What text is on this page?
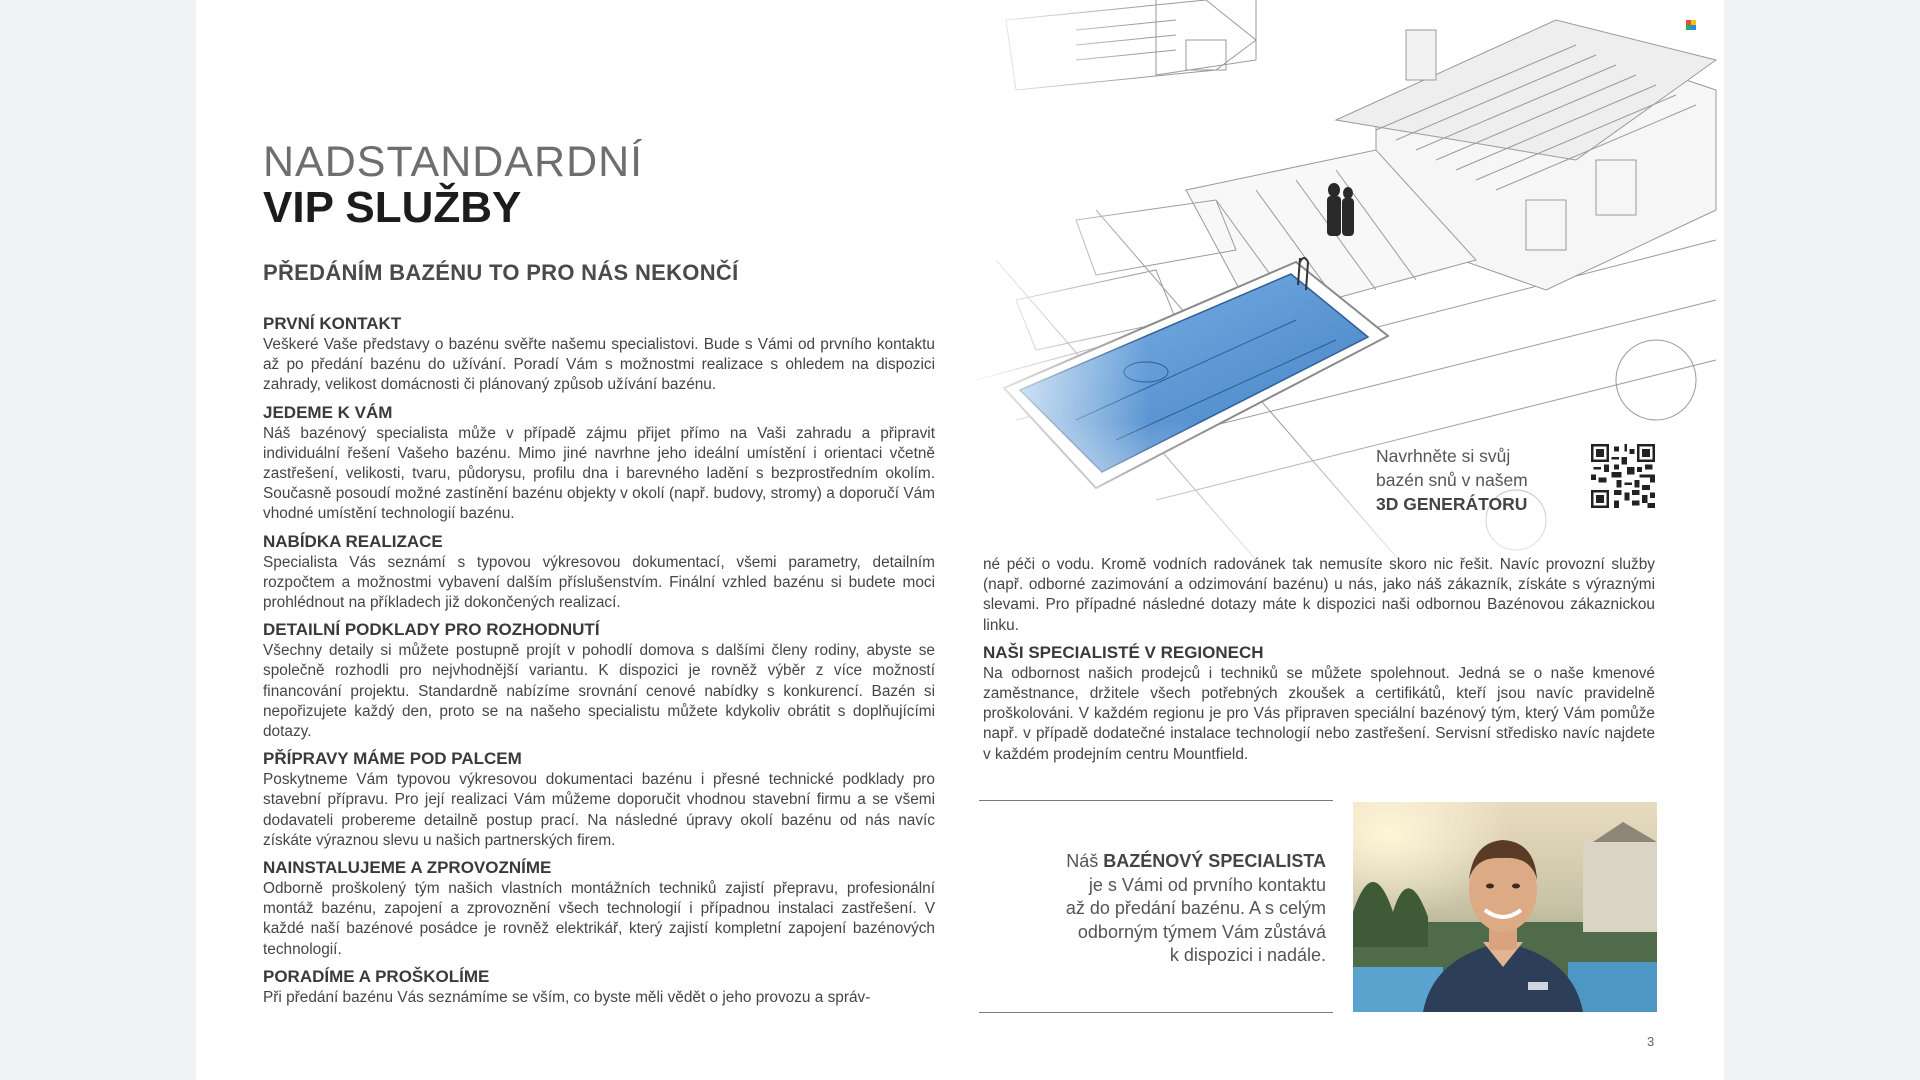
NADSTANDARDNÍ
VIP SLUŽBY
PŘEDÁNÍM BAZÉNU TO PRO NÁS NEKONČÍ
PRVNÍ KONTAKT

Veškeré Vaše představy o bazénu svěřte našemu specialistovi. Bude s Vámi od prvního kontaktu až po předání bazénu do užívání. Poradí Vám s možnostmi realizace s ohledem na dispozici zahrady, velikost domácnosti či plánovaný způsob užívání bazénu.

JEDEME K VÁM

Náš bazénový specialista může v případě zájmu přijet přímo na Vaši zahradu a připravit individuální řešení Vašeho bazénu. Mimo jiné navrhne jeho ideální umístění i orientaci včetně zastřešení, velikosti, tvaru, půdorysu, profilu dna i barevného ladění s bezprostředním okolím. Současně posoudí možné zastínění bazénu objekty v okolí (např. budovy, stromy) a doporučí Vám vhodné umístění technologií bazénu.

NABÍDKA REALIZACE

Specialista Vás seznámí s typovou výkresovou dokumentací, všemi parametry, detailním rozpočtem a možnostmi vybavení dalším příslušenstvím. Finální vzhled bazénu si budete moci prohlédnout na příkladech již dokončených realizací.

DETAILNÍ PODKLADY PRO ROZHODNUTÍ

Všechny detaily si můžete postupně projít v pohodlí domova s dalšími členy rodiny, abyste se společně rozhodli pro nejvhodnější variantu. K dispozici je rovněž výběr z více možností financování projektu. Standardně nabízíme srovnání cenové nabídky s konkurencí. Bazén si nepořizujete každý den, proto se na našeho specialistu můžete kdykoliv obrátit s doplňujícími dotazy.

PŘÍPRAVY MÁME POD PALCEM

Poskytneme Vám typovou výkresovou dokumentaci bazénu i přesné technické podklady pro stavební přípravu. Pro její realizaci Vám můžeme doporučit vhodnou stavební firmu a se všemi dodavateli probereme detailně postup prací. Na následné úpravy okolí bazénu od nás navíc získáte výraznou slevu u našich partnerských firem.

NAINSTALUJEME A ZPROVOZNÍME

Odborně proškolený tým našich vlastních montážních techniků zajistí přepravu, profesionální montáž bazénu, zapojení a zprovoznění všech technologií i případnou instalaci zastřešení. V každé naší bazénové posádce je rovněž elektrikář, který zajistí kompletní zapojení bazénových technologií.

PORADÍME A PROŠKOLÍME

Při předání bazénu Vás seznámíme se vším, co byste měli vědět o jeho provozu a správ-

né péči o vodu. Kromě vodních radovánek tak nemusíte skoro nic řešit. Navíc provozní služby (např. odborné zazimování a odzimování bazénu) u nás, jako náš zákazník, získáte s výraznými slevami. Pro případné následné dotazy máte k dispozici naši odbornou Bazénovou zákaznickou linku.

NAŠI SPECIALISTÉ V REGIONECH

Na odbornost našich prodejců i techniků se můžete spolehnout. Jedná se o naše kmenové zaměstnance, držitele všech potřebných zkoušek a certifikátů, kteří jsou navíc pravidelně proškolováni. V každém regionu je pro Vás připraven speciální bazénový tým, který Vám pomůže např. v případě dodatečné instalace technologií nebo zastřešení. Servisní středisko navíc najdete v každém prodejním centru Mountfield.

Navrhněte si svůj
bazén snů v našem
3D GENERÁTORU
Náš BAZÉNOVÝ SPECIALISTA
je s Vámi od prvního kontaktu
až do předání bazénu. A s celým
odborným týmem Vám zůstává
k dispozici i nadále.
3
